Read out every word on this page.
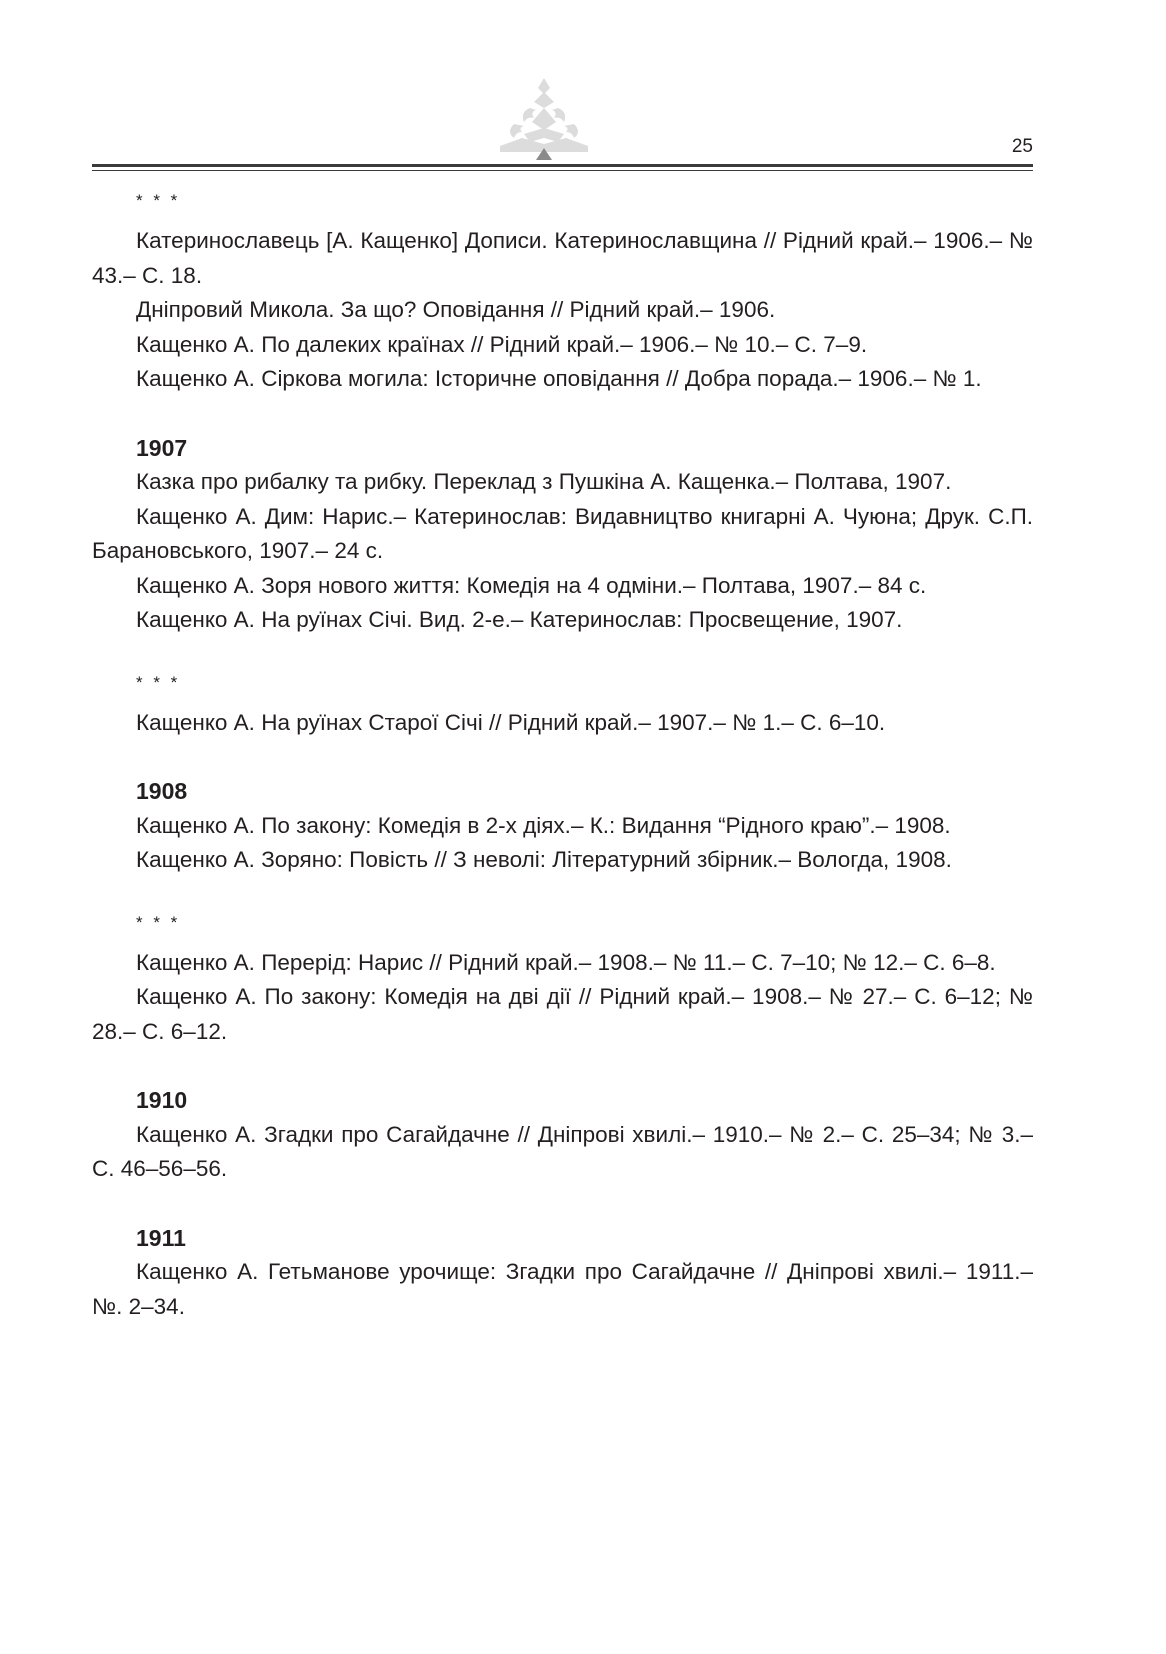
25
* * *

Катеринославець [А. Кащенко] Дописи. Катеринославщина // Рідний край.– 1906.– № 43.– С. 18.

Дніпровий Микола. За що? Оповідання // Рідний край.– 1906.

Кащенко А. По далеких країнах // Рідний край.– 1906.– № 10.– С. 7–9.

Кащенко А. Сіркова могила: Історичне оповідання // Добра порада.– 1906.– № 1.

1907

Казка про рибалку та рибку. Переклад з Пушкіна А. Кащенка.– Полтава, 1907.

Кащенко А. Дим: Нарис.– Катеринослав: Видавництво книгарні А. Чуюна; Друк. С.П. Барановського, 1907.– 24 с.

Кащенко А. Зоря нового життя: Комедія на 4 одміни.– Полтава, 1907.– 84 с.

Кащенко А. На руїнах Січі. Вид. 2-е.– Катеринослав: Просвещение, 1907.

* * *

Кащенко А. На руїнах Старої Січі // Рідний край.– 1907.– № 1.– С. 6–10.

1908

Кащенко А. По закону: Комедія в 2-х діях.– К.: Видання “Рідного краю”.– 1908.

Кащенко А. Зоряно: Повість // З неволі: Літературний збірник.– Вологда, 1908.

* * *

Кащенко А. Перерід: Нарис // Рідний край.– 1908.– № 11.– С. 7–10; № 12.– С. 6–8.

Кащенко А. По закону: Комедія на дві дії // Рідний край.– 1908.– № 27.– С. 6–12; № 28.– С. 6–12.

1910

Кащенко А. Згадки про Сагайдачне // Дніпрові хвилі.– 1910.– № 2.– С. 25–34; № 3.– С. 46–56–56.

1911

Кащенко А. Гетьманове урочище: Згадки про Сагайдачне // Дніпрові хвилі.– 1911.– №. 2–34.
